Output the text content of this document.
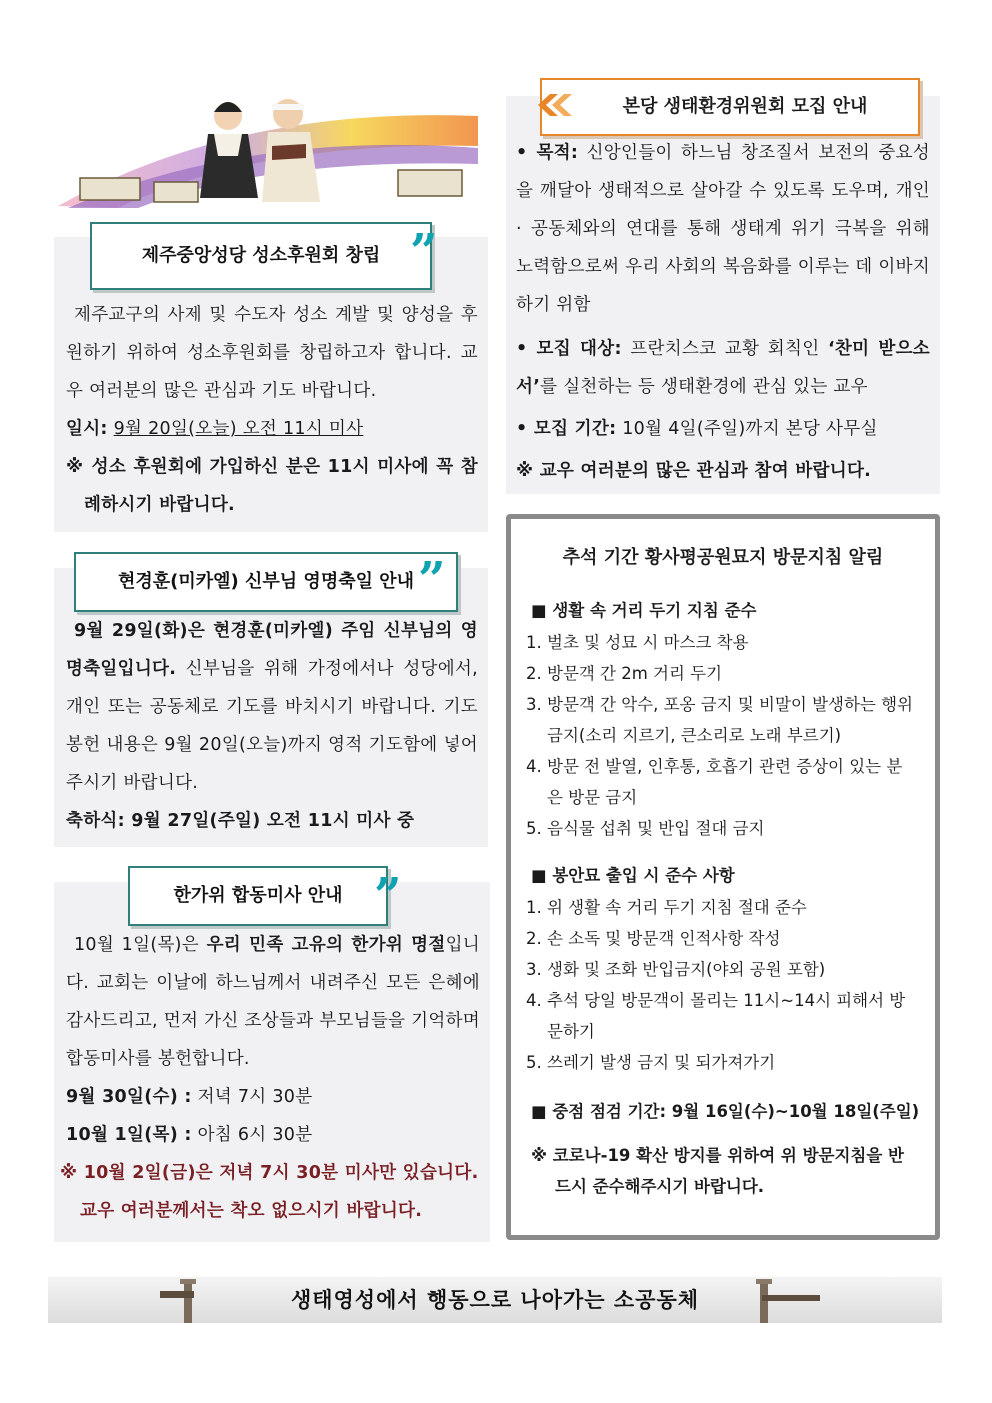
제주중앙성당 성소후원회 창립 ”
제주교구의 사제 및 수도자 성소 계발 및 양성을 후원하기 위하여 성소후원회를 창립하고자 합니다. 교우 여러분의 많은 관심과 기도 바랍니다.
일시: 9월 20일(오늘) 오전 11시 미사
※ 성소 후원회에 가입하신 분은 11시 미사에 꼭 참례하시기 바랍니다.
현경훈(미카엘) 신부님 영명축일 안내 ”
9월 29일(화)은 현경훈(미카엘) 주임 신부님의 영명축일입니다. 신부님을 위해 가정에서나 성당에서, 개인 또는 공동체로 기도를 바치시기 바랍니다. 기도 봉헌 내용은 9월 20일(오늘)까지 영적 기도함에 넣어 주시기 바랍니다.
축하식: 9월 27일(주일) 오전 11시 미사 중
한가위 합동미사 안내 ”
10월 1일(목)은 우리 민족 고유의 한가위 명절입니다. 교회는 이날에 하느님께서 내려주신 모든 은혜에 감사드리고, 먼저 가신 조상들과 부모님들을 기억하며 합동미사를 봉헌합니다.
9월 30일(수) : 저녁 7시 30분
10월 1일(목) : 아침 6시 30분
※ 10월 2일(금)은 저녁 7시 30분 미사만 있습니다.
교우 여러분께서는 착오 없으시기 바랍니다.
본당 생태환경위원회 모집 안내
• 목적: 신앙인들이 하느님 창조질서 보전의 중요성을 깨달아 생태적으로 살아갈 수 있도록 도우며, 개인 · 공동체와의 연대를 통해 생태계 위기 극복을 위해 노력함으로써 우리 사회의 복음화를 이루는 데 이바지하기 위함
• 모집 대상: 프란치스코 교황 회칙인 ‘찬미 받으소서’를 실천하는 등 생태환경에 관심 있는 교우
• 모집 기간: 10월 4일(주일)까지 본당 사무실
※ 교우 여러분의 많은 관심과 참여 바랍니다.
추석 기간 황사평공원묘지 방문지침 알림
■ 생활 속 거리 두기 지침 준수
1. 벌초 및 성묘 시 마스크 착용
2. 방문객 간 2m 거리 두기
3. 방문객 간 악수, 포옹 금지 및 비말이 발생하는 행위 금지(소리 지르기, 큰소리로 노래 부르기)
4. 방문 전 발열, 인후통, 호흡기 관련 증상이 있는 분은 방문 금지
5. 음식물 섭취 및 반입 절대 금지
■ 봉안묘 출입 시 준수 사항
1. 위 생활 속 거리 두기 지침 절대 준수
2. 손 소독 및 방문객 인적사항 작성
3. 생화 및 조화 반입금지(야외 공원 포함)
4. 추석 당일 방문객이 몰리는 11시~14시 피해서 방문하기
5. 쓰레기 발생 금지 및 되가져가기
■ 중점 점검 기간: 9월 16일(수)~10월 18일(주일)
※ 코로나-19 확산 방지를 위하여 위 방문지침을 반드시 준수해주시기 바랍니다.
생태영성에서 행동으로 나아가는 소공동체
